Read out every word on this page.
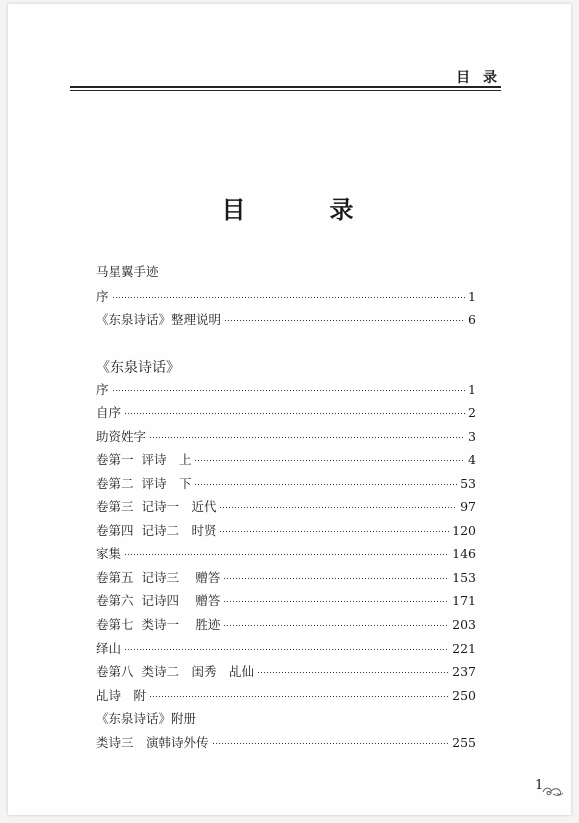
目 录
目　录
马星翼手迹
序	1
《东泉诗话》整理说明	6
《东泉诗话》
序	1
自序	2
助资姓字	3
卷第一  评诗　上	4
卷第二  评诗　下	53
卷第三  记诗一　近代	97
卷第四  记诗二　时贤	120
家集	146
卷第五  记诗三　 赠答	153
卷第六  记诗四　 赠答	171
卷第七  类诗一　 胜迹	203
绎山	221
卷第八  类诗二　闺秀　乩仙	237
乩诗　附	250
《东泉诗话》附册
类诗三　演韩诗外传	255
1
